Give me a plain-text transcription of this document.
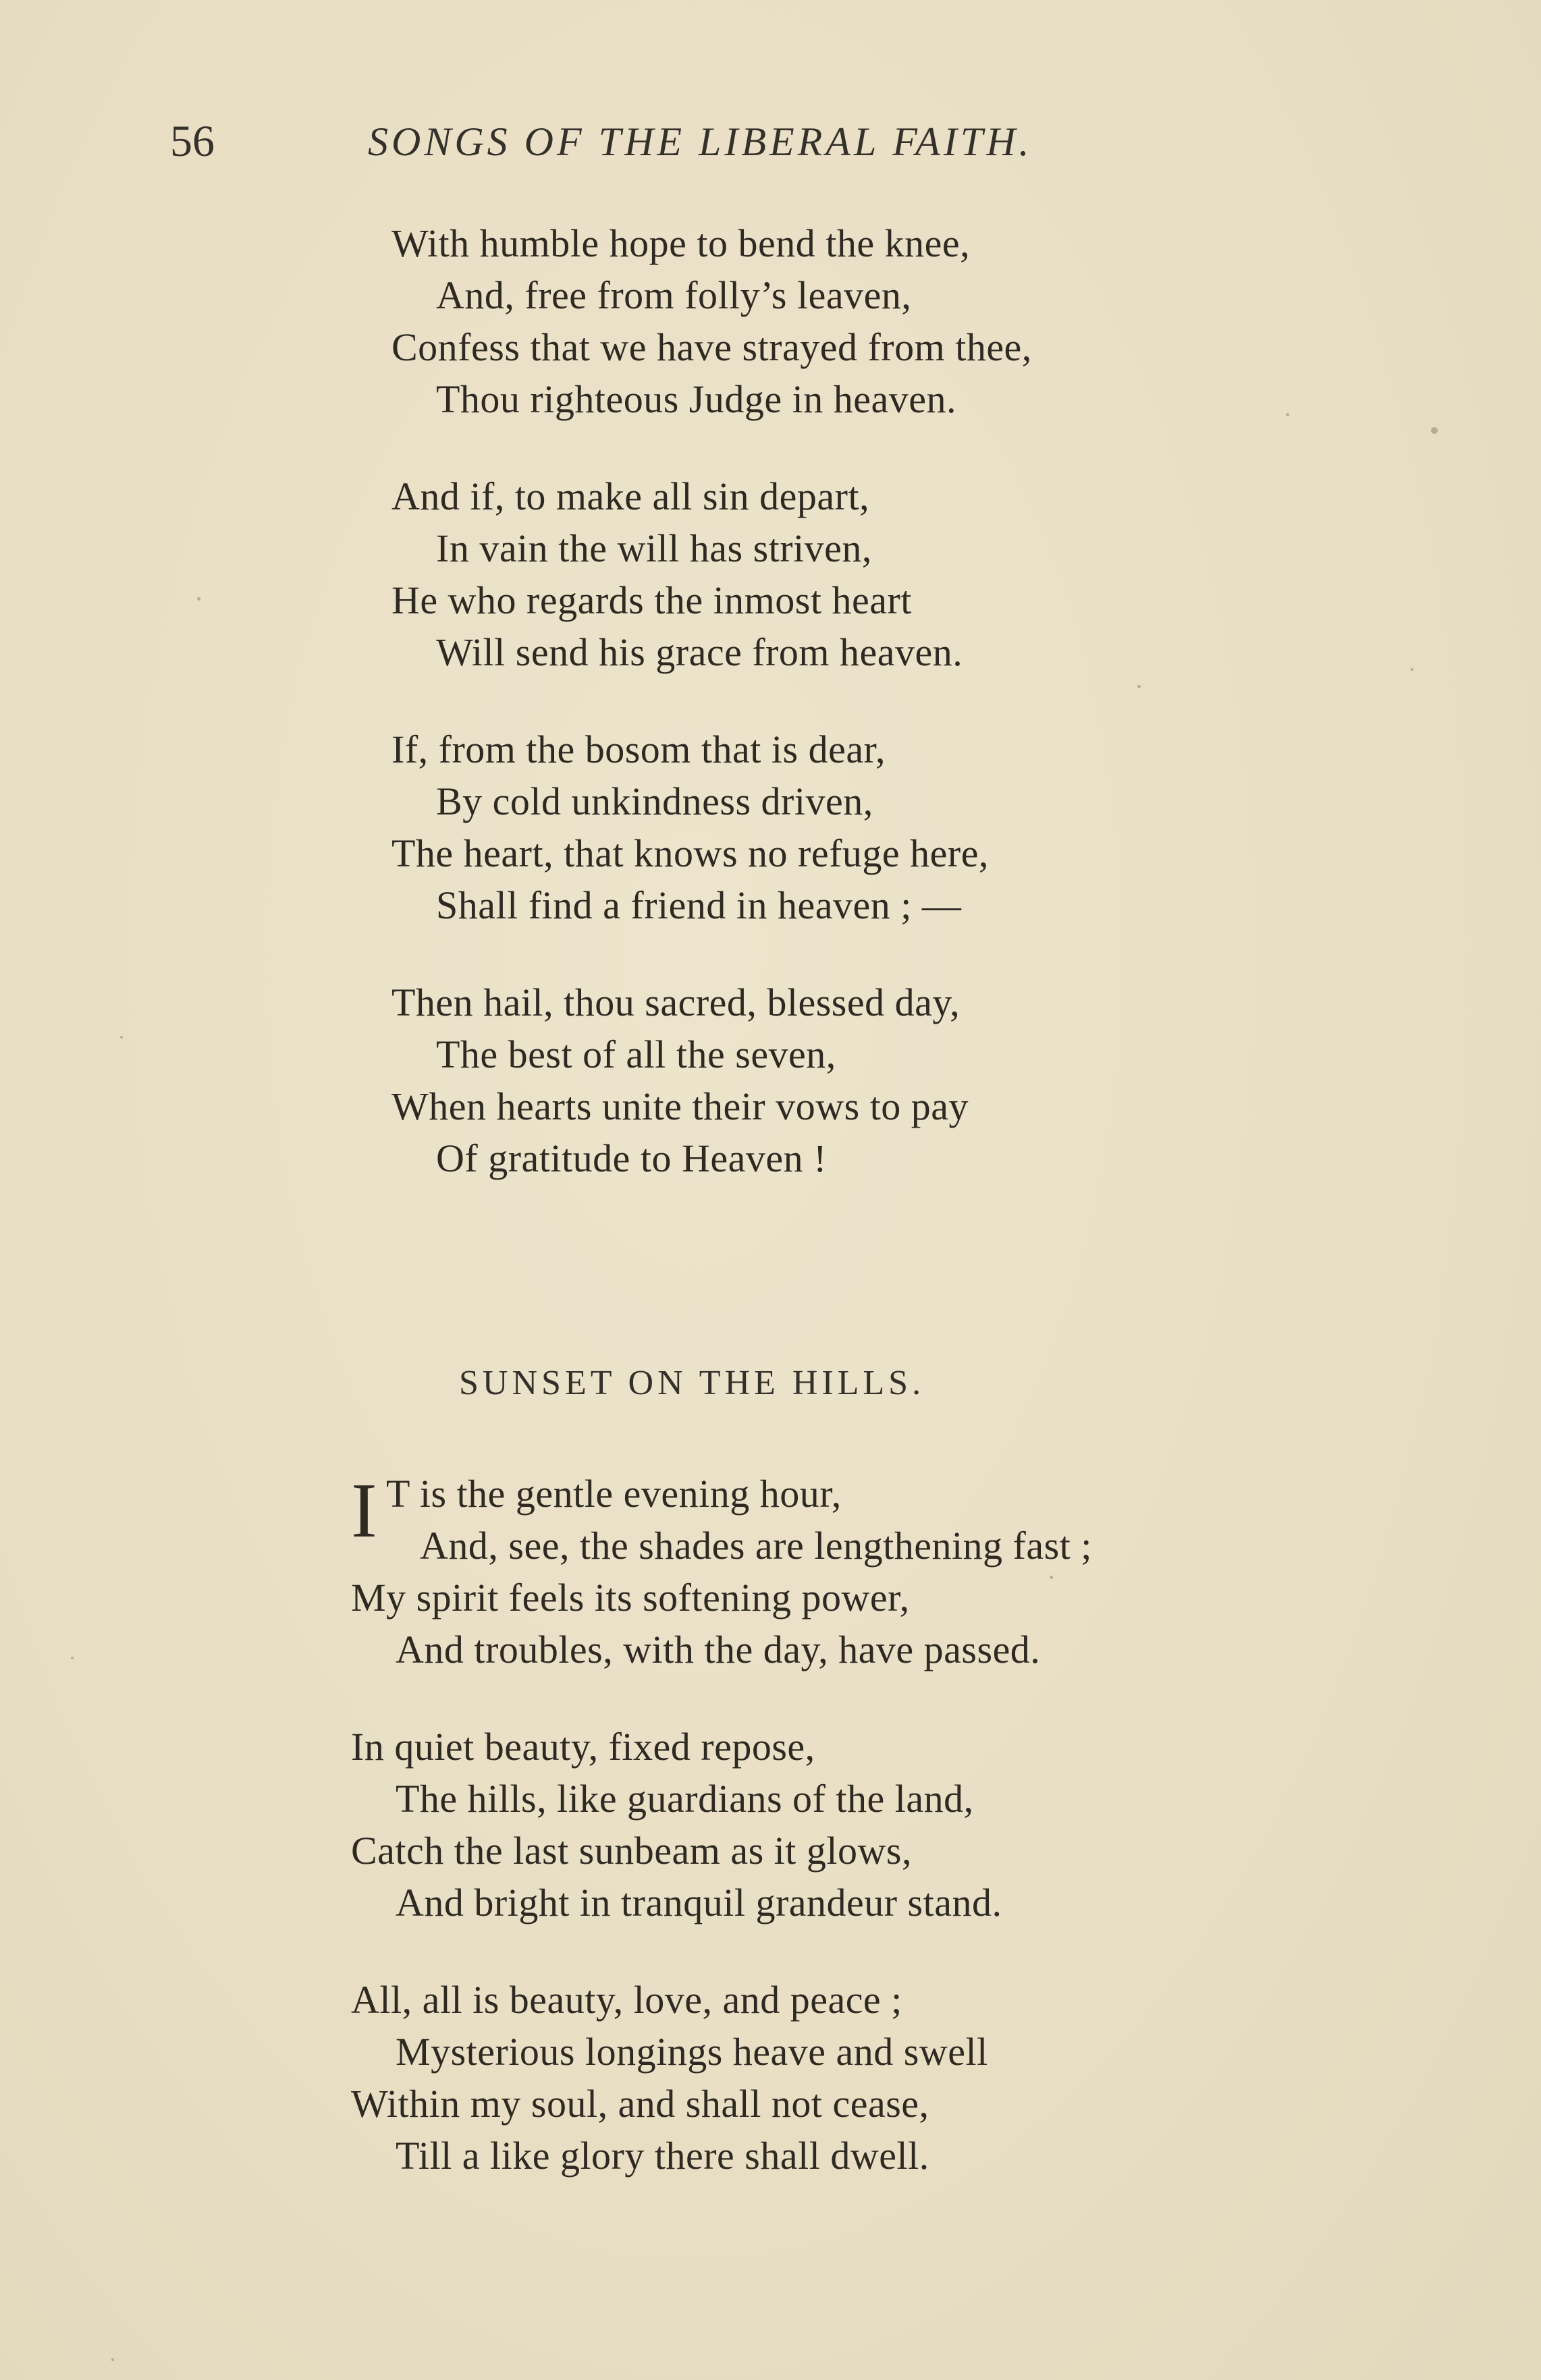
56	SONGS OF THE LIBERAL FAITH.
With humble hope to bend the knee,
And, free from folly’s leaven,
Confess that we have strayed from thee,
Thou righteous Judge in heaven.
And if, to make all sin depart,
In vain the will has striven,
He who regards the inmost heart
Will send his grace from heaven.
If, from the bosom that is dear,
By cold unkindness driven,
The heart, that knows no refuge here,
Shall find a friend in heaven ; —
Then hail, thou sacred, blessed day,
The best of all the seven,
When hearts unite their vows to pay
Of gratitude to Heaven !
SUNSET ON THE HILLS.
I T is the gentle evening hour,
And, see, the shades are lengthening fast ;
My spirit feels its softening power,
And troubles, with the day, have passed.
In quiet beauty, fixed repose,
The hills, like guardians of the land,
Catch the last sunbeam as it glows,
And bright in tranquil grandeur stand.
All, all is beauty, love, and peace ;
Mysterious longings heave and swell
Within my soul, and shall not cease,
Till a like glory there shall dwell.
